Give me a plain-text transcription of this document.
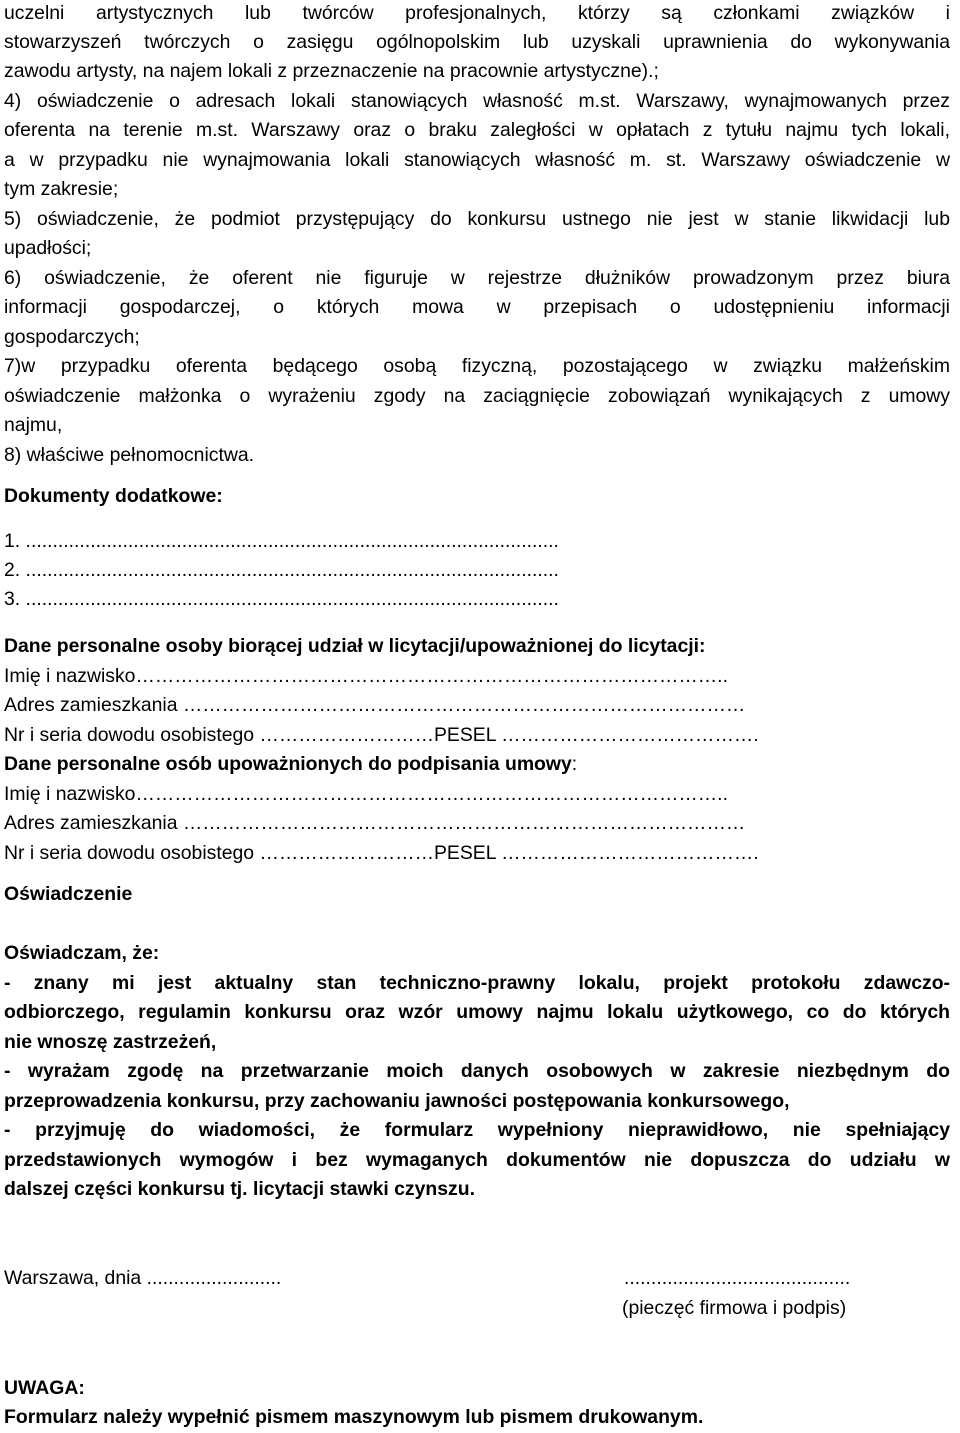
uczelni artystycznych lub twórców profesjonalnych, którzy są członkami związków i

stowarzyszeń twórczych o zasięgu ogólnopolskim lub uzyskali uprawnienia do wykonywania

zawodu artysty, na najem lokali z przeznaczenie na pracownie artystyczne).;

4) oświadczenie o adresach lokali stanowiących własność m.st. Warszawy, wynajmowanych przez

oferenta na terenie m.st. Warszawy oraz o braku zaległości w opłatach z tytułu najmu tych lokali,

a w przypadku nie wynajmowania lokali stanowiących własność m. st. Warszawy oświadczenie w

tym zakresie;

5) oświadczenie, że podmiot przystępujący do konkursu ustnego nie jest w stanie likwidacji lub

upadłości;

6) oświadczenie, że oferent nie figuruje w rejestrze dłużników prowadzonym przez biura

informacji gospodarczej, o których mowa w przepisach o udostępnieniu informacji

gospodarczych;

7)w przypadku oferenta będącego osobą fizyczną, pozostającego w związku małżeńskim

oświadczenie małżonka o wyrażeniu zgody na zaciągnięcie zobowiązań wynikających z umowy

najmu,

8) właściwe pełnomocnictwa.

Dokumenty dodatkowe:

1. ...................................................................................................

2. ...................................................................................................

3. ...................................................................................................

Dane personalne osoby biorącej udział w licytacji/upoważnionej do licytacji:

Imię i nazwisko………………………………………………………………………………..

Adres zamieszkania ……………………………………………………………………………

Nr i seria dowodu osobistego ………………………PESEL ………………………………….

Dane personalne osób upoważnionych do podpisania umowy:

Imię i nazwisko………………………………………………………………………………..

Adres zamieszkania ……………………………………………………………………………

Nr i seria dowodu osobistego ………………………PESEL ………………………………….

Oświadczenie

Oświadczam, że:

- znany mi jest aktualny stan techniczno-prawny lokalu, projekt protokołu zdawczo-

odbiorczego, regulamin konkursu oraz wzór umowy najmu lokalu użytkowego, co do których

nie wnoszę zastrzeżeń,

- wyrażam zgodę na przetwarzanie moich danych osobowych w zakresie niezbędnym do

przeprowadzenia konkursu, przy zachowaniu jawności postępowania konkursowego,

- przyjmuję do wiadomości, że formularz wypełniony nieprawidłowo, nie spełniający

przedstawionych wymogów i bez wymaganych dokumentów nie dopuszcza do udziału w

dalszej części konkursu tj. licytacji stawki czynszu.

Warszawa, dnia .........................	..........................................

(pieczęć firmowa i podpis)

UWAGA:

Formularz należy wypełnić pismem maszynowym lub pismem drukowanym.
